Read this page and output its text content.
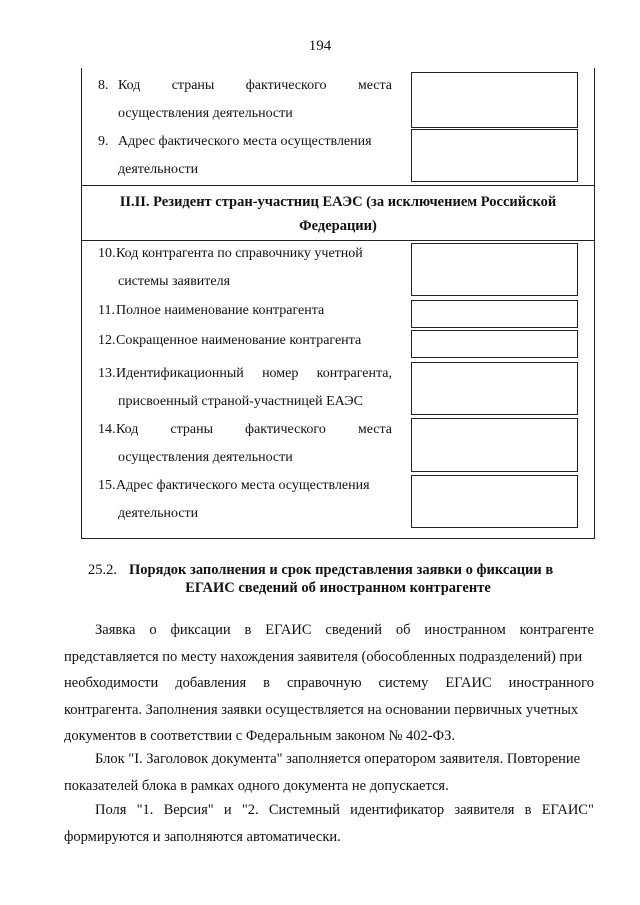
194
8. Код страны фактического места
осуществления деятельности
9. Адрес фактического места осуществления
деятельности
II.II. Резидент стран-участниц ЕАЭС (за исключением Российской
Федерации)
10. Код контрагента по справочнику учетной
системы заявителя
11. Полное наименование контрагента
12. Сокращенное наименование контрагента
13. Идентификационный номер контрагента,
присвоенный страной-участницей ЕАЭС
14. Код страны фактического места
осуществления деятельности
15. Адрес фактического места осуществления
деятельности
25.2. Порядок заполнения и срок представления заявки о фиксации в
ЕГАИС сведений об иностранном контрагенте
Заявка о фиксации в ЕГАИС сведений об иностранном контрагенте
представляется по месту нахождения заявителя (обособленных подразделений) при
необходимости добавления в справочную систему ЕГАИС иностранного
контрагента. Заполнения заявки осуществляется на основании первичных учетных
документов в соответствии с Федеральным законом № 402-ФЗ.
Блок "I. Заголовок документа" заполняется оператором заявителя. Повторение
показателей блока в рамках одного документа не допускается.
Поля "1. Версия" и "2. Системный идентификатор заявителя в ЕГАИС"
формируются и заполняются автоматически.
